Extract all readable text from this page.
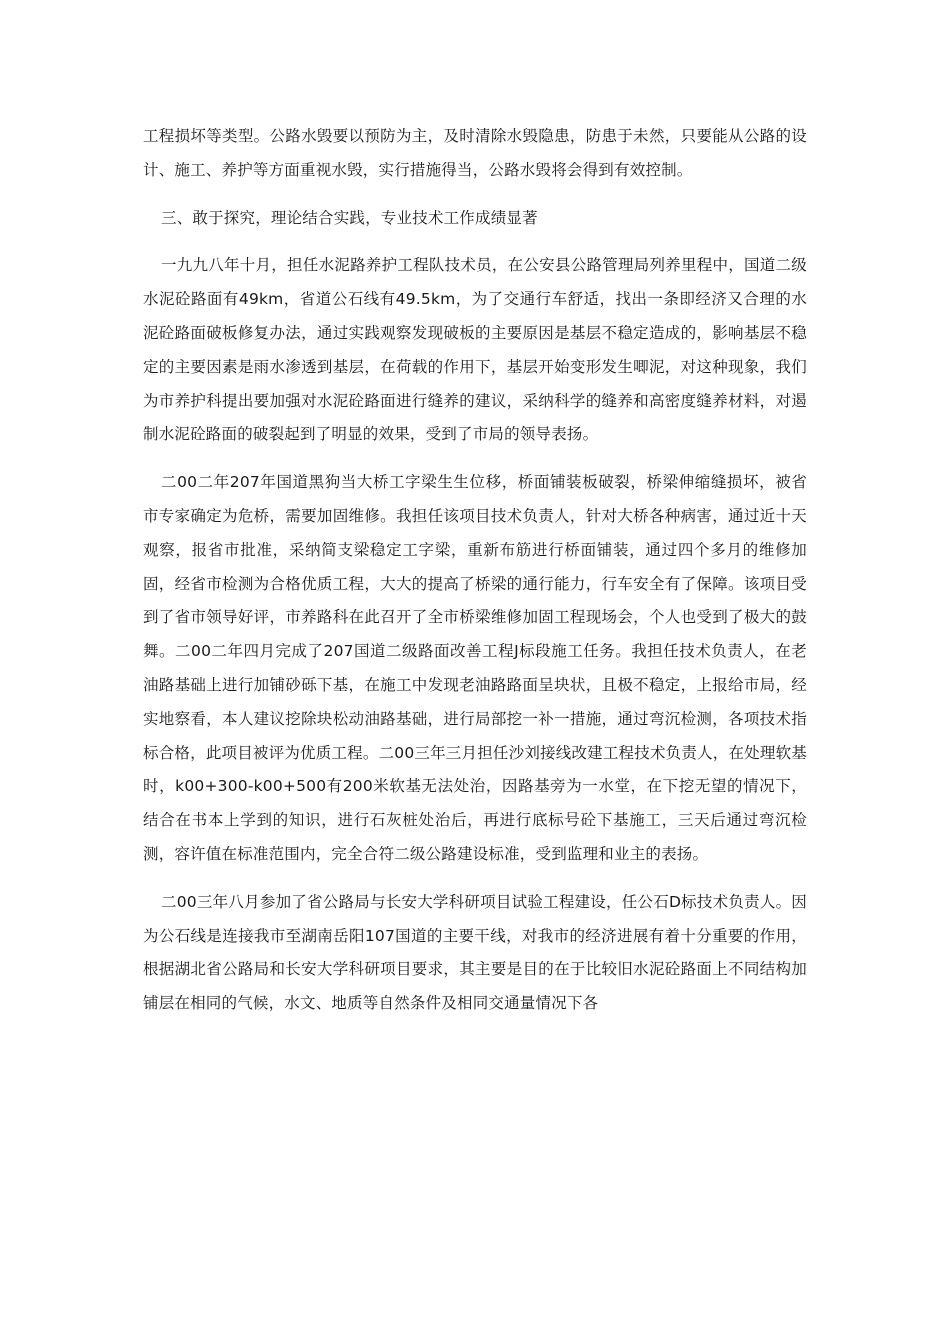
工程损坏等类型。公路水毁要以预防为主，及时清除水毁隐患，防患于未然，只要能从公路的设计、施工、养护等方面重视水毁，实行措施得当，公路水毁将会得到有效控制。

三、敢于探究，理论结合实践，专业技术工作成绩显著

一九九八年十月，担任水泥路养护工程队技术员，在公安县公路管理局列养里程中，国道二级水泥砼路面有49km，省道公石线有49.5km，为了交通行车舒适，找出一条即经济又合理的水泥砼路面破板修复办法，通过实践观察发现破板的主要原因是基层不稳定造成的，影响基层不稳定的主要因素是雨水渗透到基层，在荷载的作用下，基层开始变形发生唧泥，对这种现象，我们为市养护科提出要加强对水泥砼路面进行缝养的建议，采纳科学的缝养和高密度缝养材料，对遏制水泥砼路面的破裂起到了明显的效果，受到了市局的领导表扬。

二00二年207年国道黑狗当大桥工字梁生生位移，桥面铺装板破裂，桥梁伸缩缝损坏，被省市专家确定为危桥，需要加固维修。我担任该项目技术负责人，针对大桥各种病害，通过近十天观察，报省市批准，采纳简支梁稳定工字梁，重新布筋进行桥面铺装，通过四个多月的维修加固，经省市检测为合格优质工程，大大的提高了桥梁的通行能力，行车安全有了保障。该项目受到了省市领导好评，市养路科在此召开了全市桥梁维修加固工程现场会，个人也受到了极大的鼓舞。二00二年四月完成了207国道二级路面改善工程J标段施工任务。我担任技术负责人，在老油路基础上进行加铺砂砾下基，在施工中发现老油路路面呈块状，且极不稳定，上报给市局，经实地察看，本人建议挖除块松动油路基础，进行局部挖一补一措施，通过弯沉检测，各项技术指标合格，此项目被评为优质工程。二00三年三月担任沙刘接线改建工程技术负责人，在处理软基时，k00+300-k00+500有200米软基无法处治，因路基旁为一水堂，在下挖无望的情况下，结合在书本上学到的知识，进行石灰桩处治后，再进行底标号砼下基施工，三天后通过弯沉检测，容许值在标准范围内，完全合符二级公路建设标准，受到监理和业主的表扬。

二00三年八月参加了省公路局与长安大学科研项目试验工程建设，任公石D标技术负责人。因为公石线是连接我市至湖南岳阳107国道的主要干线，对我市的经济进展有着十分重要的作用，根据湖北省公路局和长安大学科研项目要求，其主要是目的在于比较旧水泥砼路面上不同结构加铺层在相同的气候，水文、地质等自然条件及相同交通量情况下各
